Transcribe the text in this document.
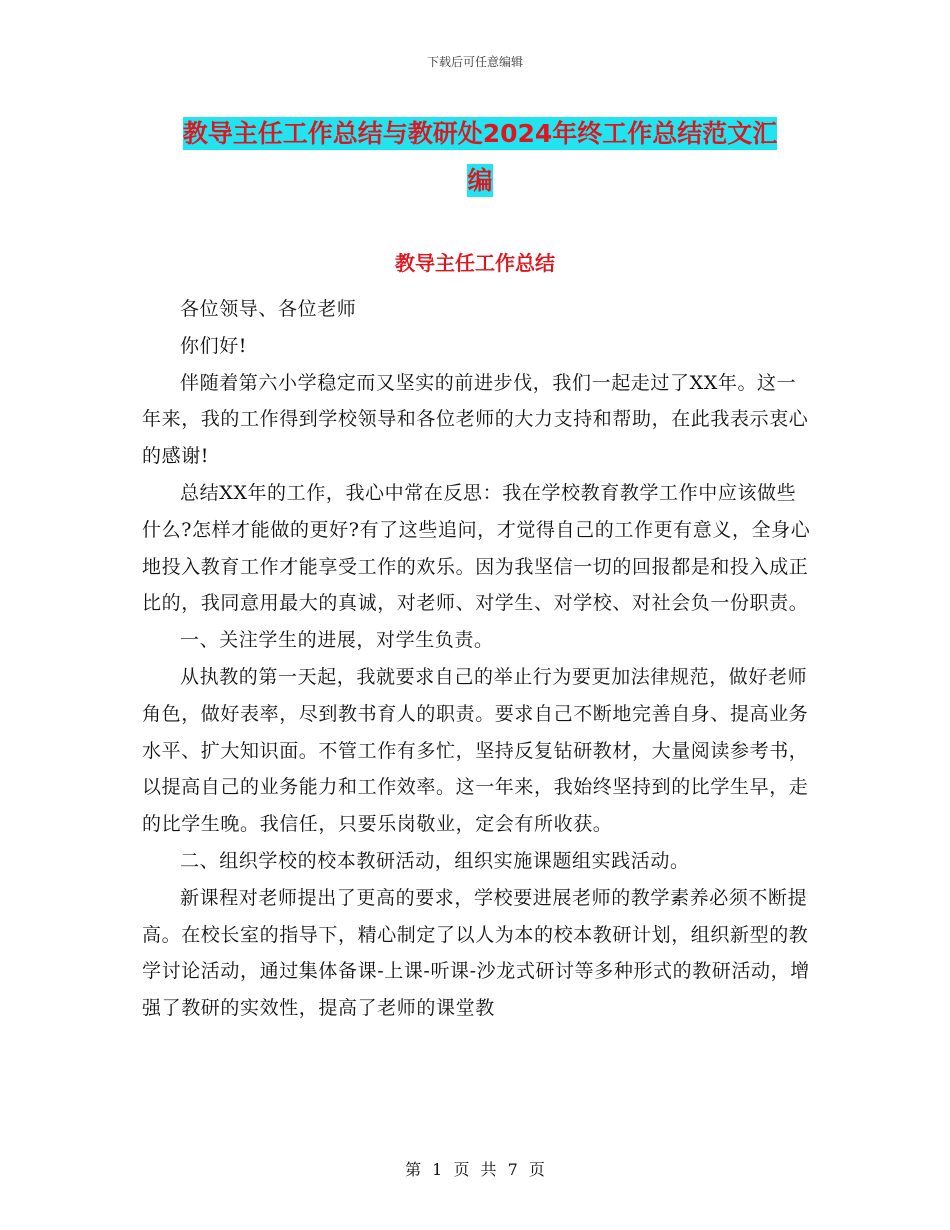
下载后可任意编辑
教导主任工作总结与教研处2024年终工作总结范文汇
编
教导主任工作总结

各位领导、各位老师

你们好!

伴随着第六小学稳定而又坚实的前进步伐，我们一起走过了XX年。这一年来，我的工作得到学校领导和各位老师的大力支持和帮助，在此我表示衷心的感谢!

总结XX年的工作，我心中常在反思：我在学校教育教学工作中应该做些什么?怎样才能做的更好?有了这些追问，才觉得自己的工作更有意义，全身心地投入教育工作才能享受工作的欢乐。因为我坚信一切的回报都是和投入成正比的，我同意用最大的真诚，对老师、对学生、对学校、对社会负一份职责。

一、关注学生的进展，对学生负责。

从执教的第一天起，我就要求自己的举止行为要更加法律规范，做好老师角色，做好表率，尽到教书育人的职责。要求自己不断地完善自身、提高业务水平、扩大知识面。不管工作有多忙，坚持反复钻研教材，大量阅读参考书，以提高自己的业务能力和工作效率。这一年来，我始终坚持到的比学生早，走的比学生晚。我信任，只要乐岗敬业，定会有所收获。

二、组织学校的校本教研活动，组织实施课题组实践活动。

新课程对老师提出了更高的要求，学校要进展老师的教学素养必须不断提高。在校长室的指导下，精心制定了以人为本的校本教研计划，组织新型的教学讨论活动，通过集体备课-上课-听课-沙龙式研讨等多种形式的教研活动，增强了教研的实效性，提高了老师的课堂教

第 1 页 共 7 页
